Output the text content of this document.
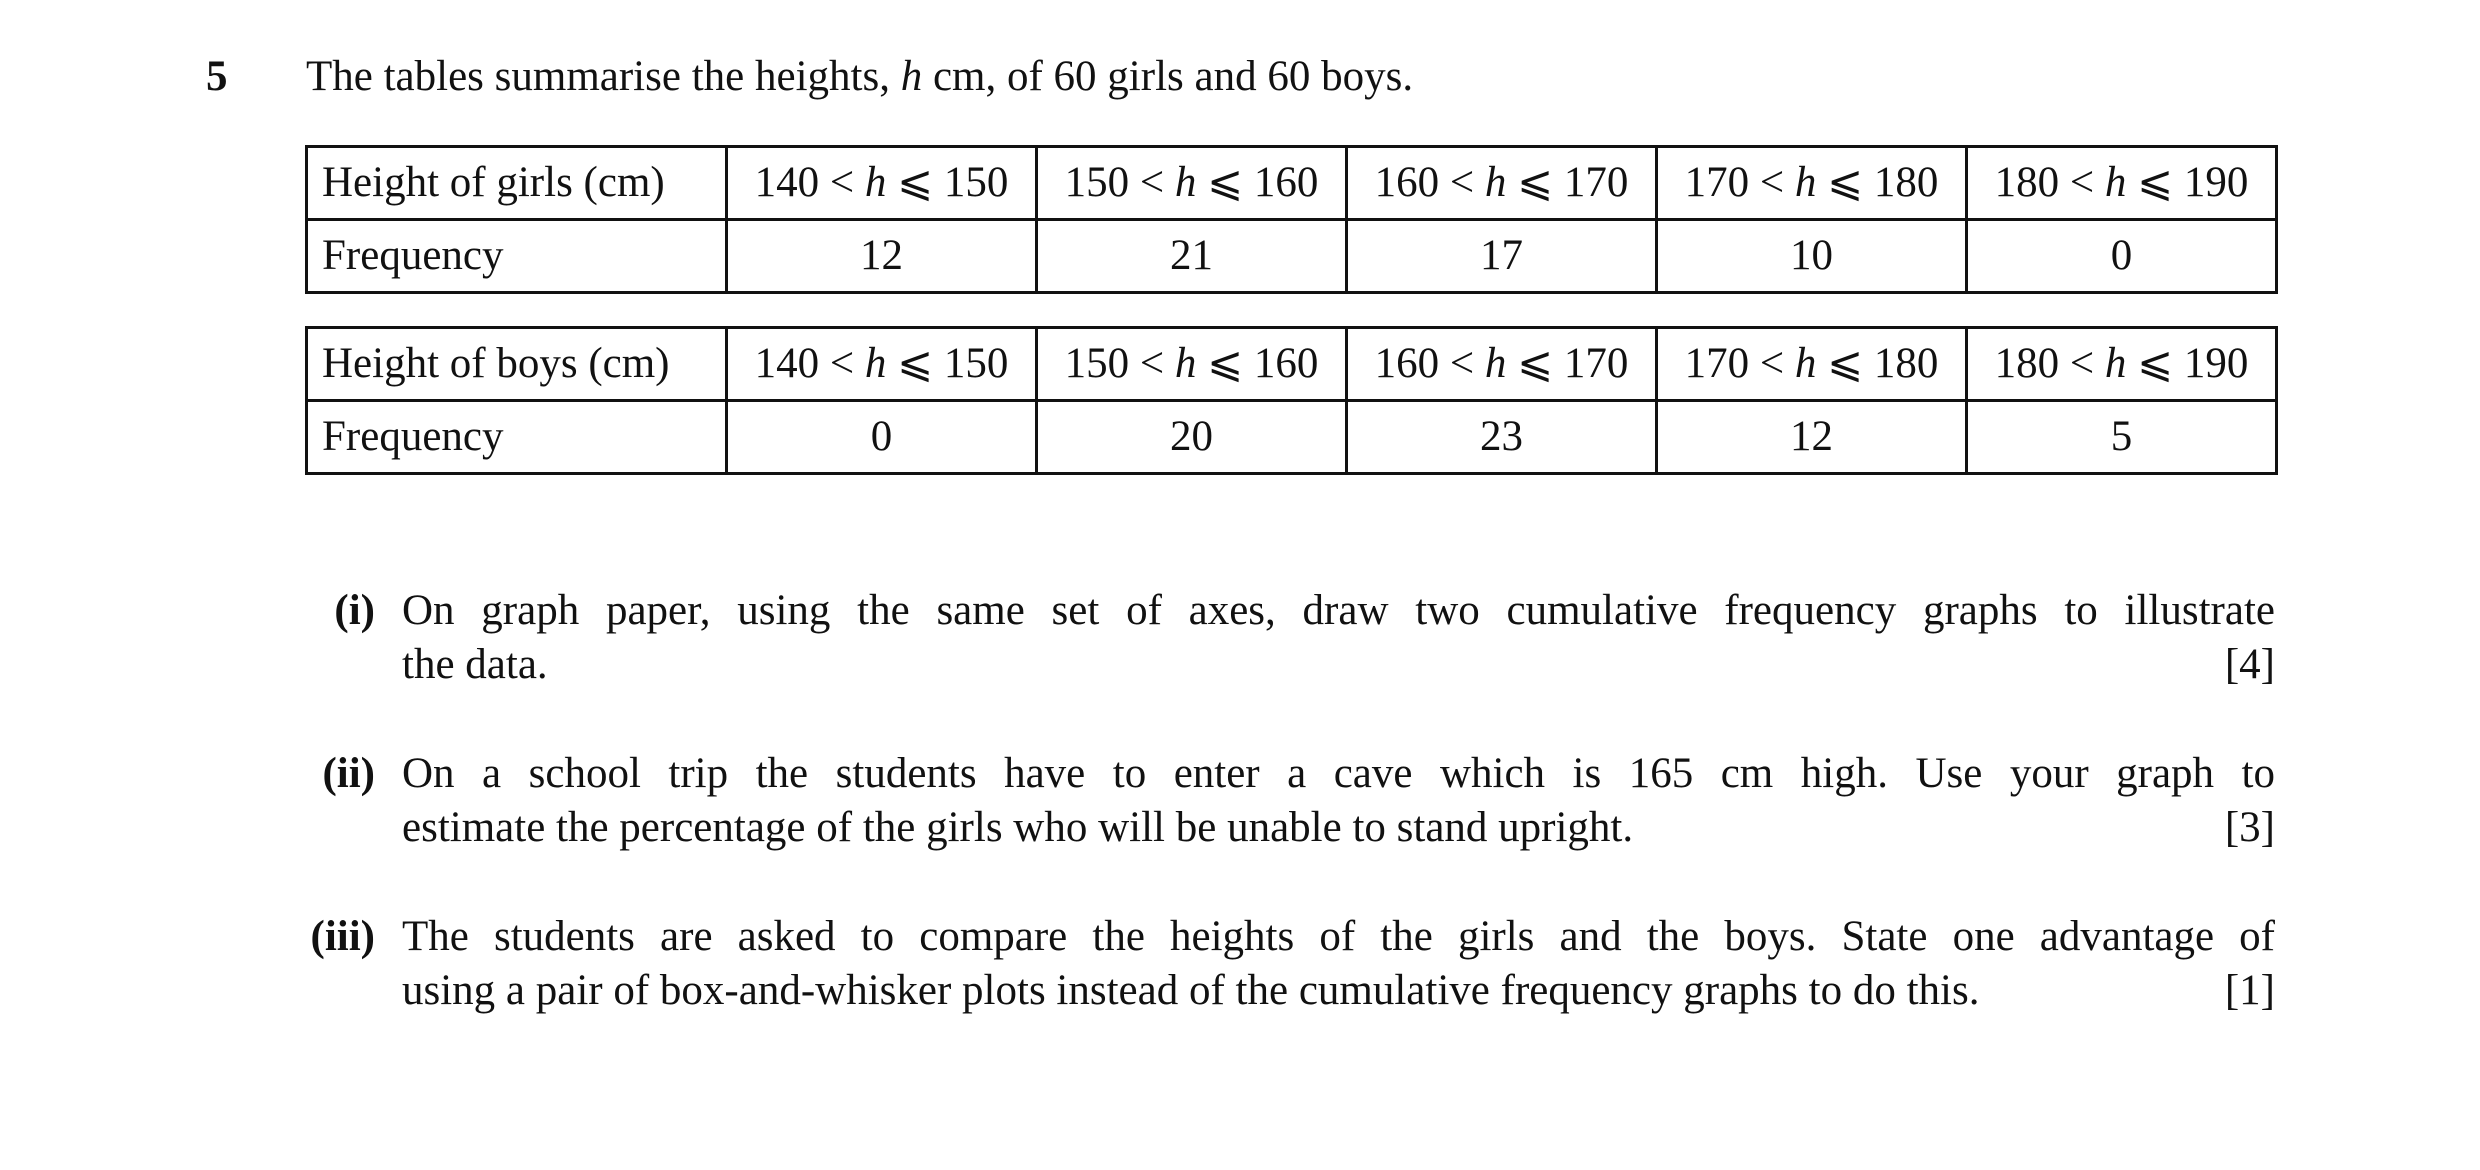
5 The tables summarise the heights, h cm, of 60 girls and 60 boys.
Height of girls (cm)	140 < h ⩽ 150	150 < h ⩽ 160	160 < h ⩽ 170	170 < h ⩽ 180	180 < h ⩽ 190
Frequency	12	21	17	10	0
Height of boys (cm)	140 < h ⩽ 150	150 < h ⩽ 160	160 < h ⩽ 170	170 < h ⩽ 180	180 < h ⩽ 190
Frequency	0	20	23	12	5
(i) On graph paper, using the same set of axes, draw two cumulative frequency graphs to illustrate
the data.	[4]
(ii) On a school trip the students have to enter a cave which is 165 cm high. Use your graph to
estimate the percentage of the girls who will be unable to stand upright.	[3]
(iii) The students are asked to compare the heights of the girls and the boys. State one advantage of
using a pair of box-and-whisker plots instead of the cumulative frequency graphs to do this.	[1]
